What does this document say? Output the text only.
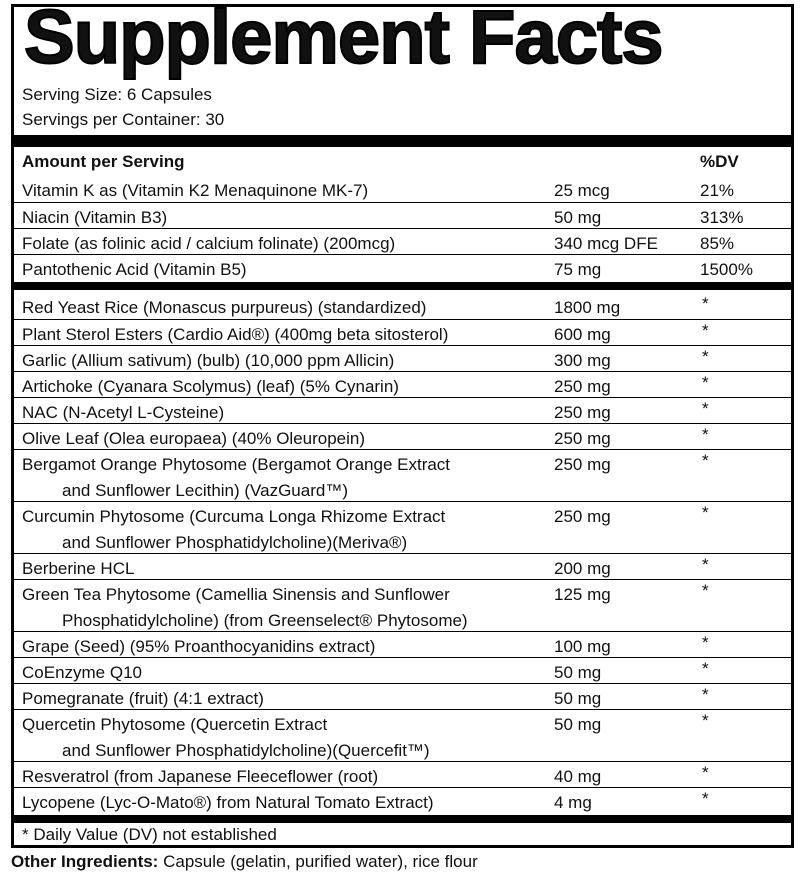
Supplement Facts
Serving Size: 6 Capsules
Servings per Container: 30
Amount per Serving	%DV
Vitamin K as (Vitamin K2 Menaquinone MK-7)	25 mcg	21%
Niacin (Vitamin B3)	50 mg	313%
Folate (as folinic acid / calcium folinate) (200mcg)	340 mcg DFE 85%
Pantothenic Acid (Vitamin B5)	75 mg	1500%
Red Yeast Rice (Monascus purpureus) (standardized)	1800 mg	*
Plant Sterol Esters (Cardio Aid®) (400mg beta sitosterol)	600 mg	*
Garlic (Allium sativum) (bulb) (10,000 ppm Allicin)	300 mg	*
Artichoke (Cyanara Scolymus) (leaf) (5% Cynarin)	250 mg	*
NAC (N-Acetyl L-Cysteine)	250 mg	*
Olive Leaf (Olea europaea) (40% Oleuropein)	250 mg	*
Bergamot Orange Phytosome (Bergamot Orange Extract
and Sunflower Lecithin) (VazGuard™)
250 mg	*
Curcumin Phytosome (Curcuma Longa Rhizome Extract
and Sunflower Phosphatidylcholine)(Meriva®)
250 mg	*
Berberine HCL	200 mg	*
Green Tea Phytosome (Camellia Sinensis and Sunflower
Phosphatidylcholine) (from Greenselect® Phytosome)
125 mg	*
Grape (Seed) (95% Proanthocyanidins extract)	100 mg	*
CoEnzyme Q10	50 mg	*
Pomegranate (fruit) (4:1 extract)	50 mg	*
Quercetin Phytosome (Quercetin Extract
and Sunflower Phosphatidylcholine)(Quercefit™)
50 mg	*
Resveratrol (from Japanese Fleeceflower (root)	40 mg	*
Lycopene (Lyc-O-Mato®) from Natural Tomato Extract)	4 mg	*
* Daily Value (DV) not established
Other Ingredients: Capsule (gelatin, purified water), rice flour
